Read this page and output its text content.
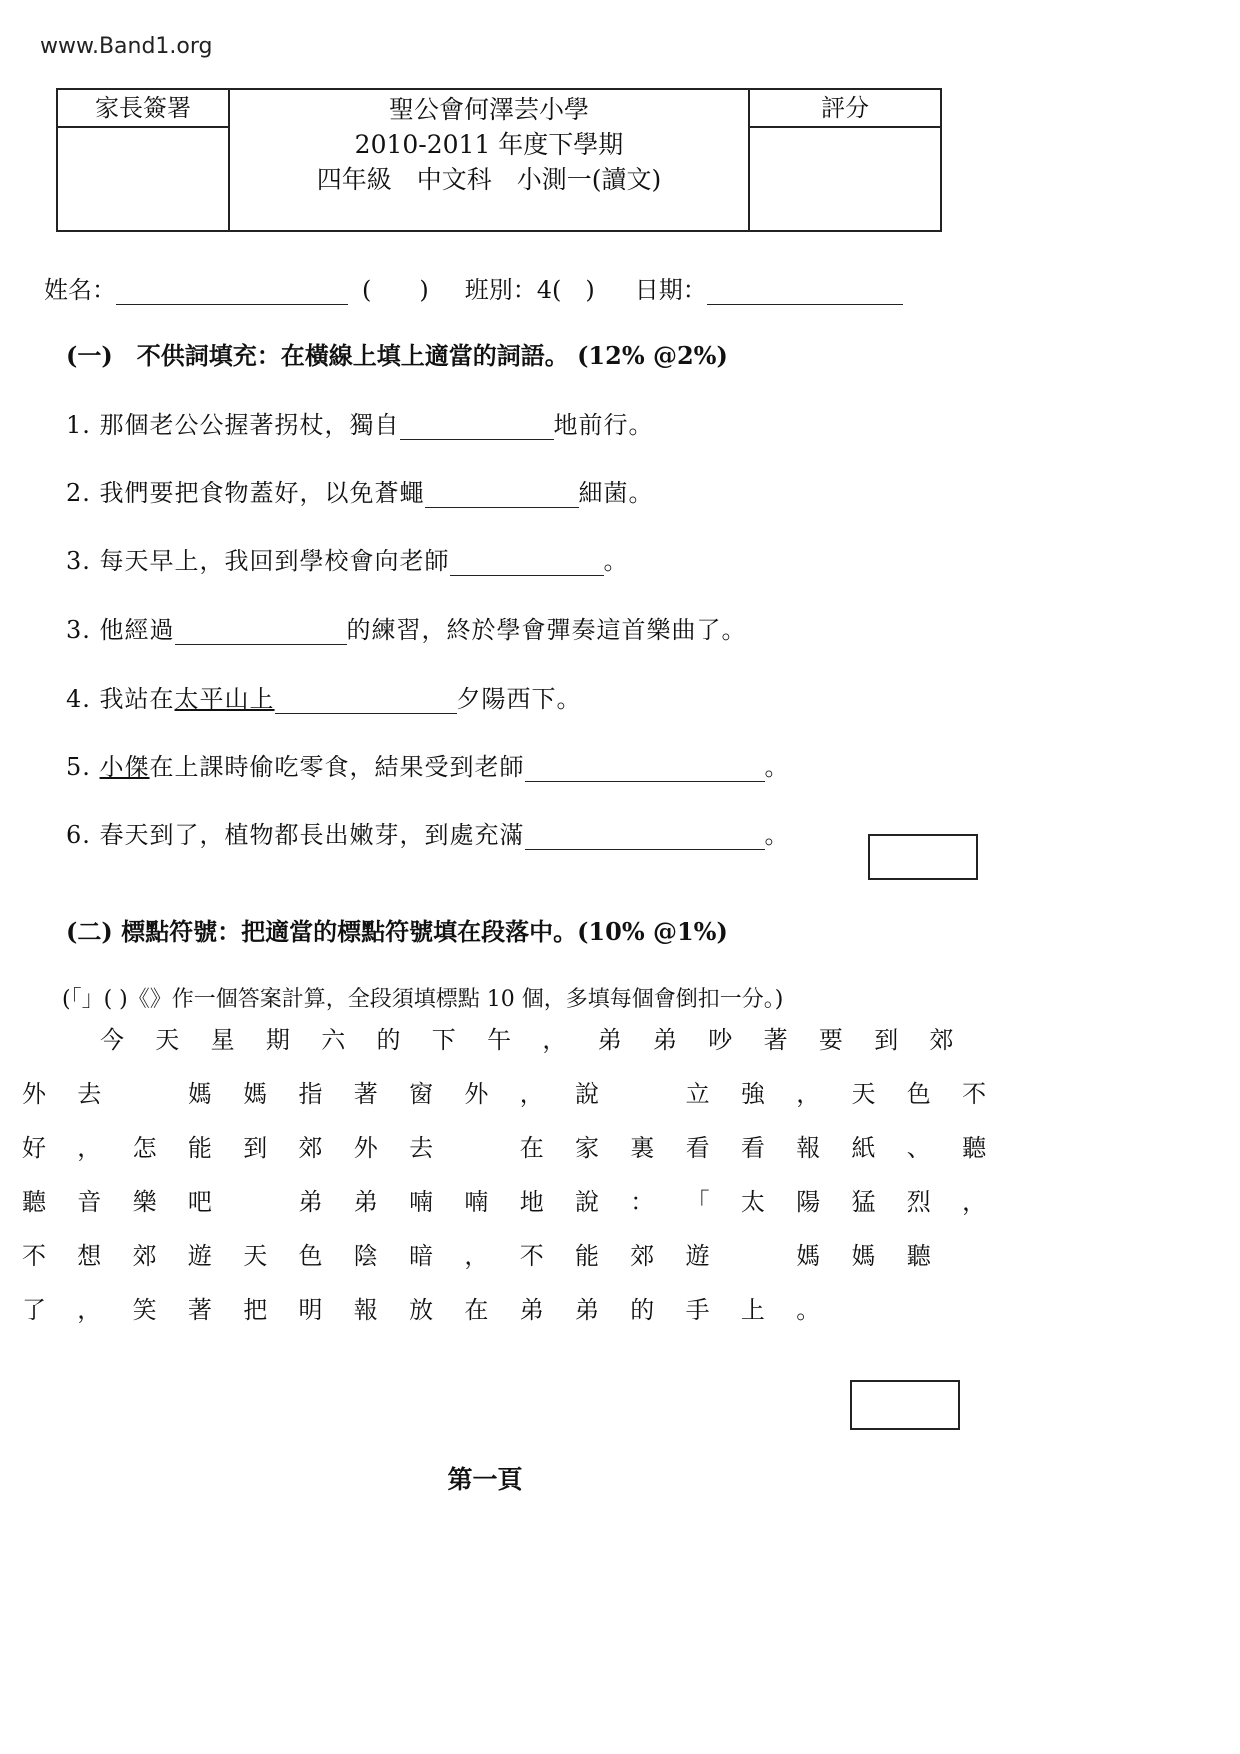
www.Band1.org
家長簽署	聖公會何澤芸小學
2010-2011 年度下學期
四年級　中文科　小測一(讀文)
評分
姓名：	(　　) 班別：4(　) 日期：
(一)　不供詞填充：在橫線上填上適當的詞語。 (12% @2%)
1. 那個老公公握著拐杖，獨自	地前行。
2. 我們要把食物蓋好，以免蒼蠅	細菌。
3. 每天早上，我回到學校會向老師	。
3. 他經過	的練習，終於學會彈奏這首樂曲了。
4. 我站在太平山上	夕陽西下。
5. 小傑在上課時偷吃零食，結果受到老師	。
6. 春天到了，植物都長出嫩芽，到處充滿	。
(二) 標點符號：把適當的標點符號填在段落中。(10% @1%)
(「」( )《》作一個答案計算，全段須填標點 10 個，多填每個會倒扣一分。)
今 天 星 期 六 的 下 午 ， 弟 弟 吵 著 要 到 郊
外 去	媽 媽 指 著 窗 外 ， 說	立 強 ， 天 色 不
好 ， 怎 能 到 郊 外 去	在 家 裏 看 看 報 紙 、 聽
聽 音 樂 吧	弟 弟 喃 喃 地 說 ： 「 太 陽 猛 烈 ，
不 想 郊 遊 天 色 陰 暗 ， 不 能 郊 遊	媽 媽 聽
了 ， 笑 著 把 明 報 放 在 弟 弟 的 手 上 。
第一頁
